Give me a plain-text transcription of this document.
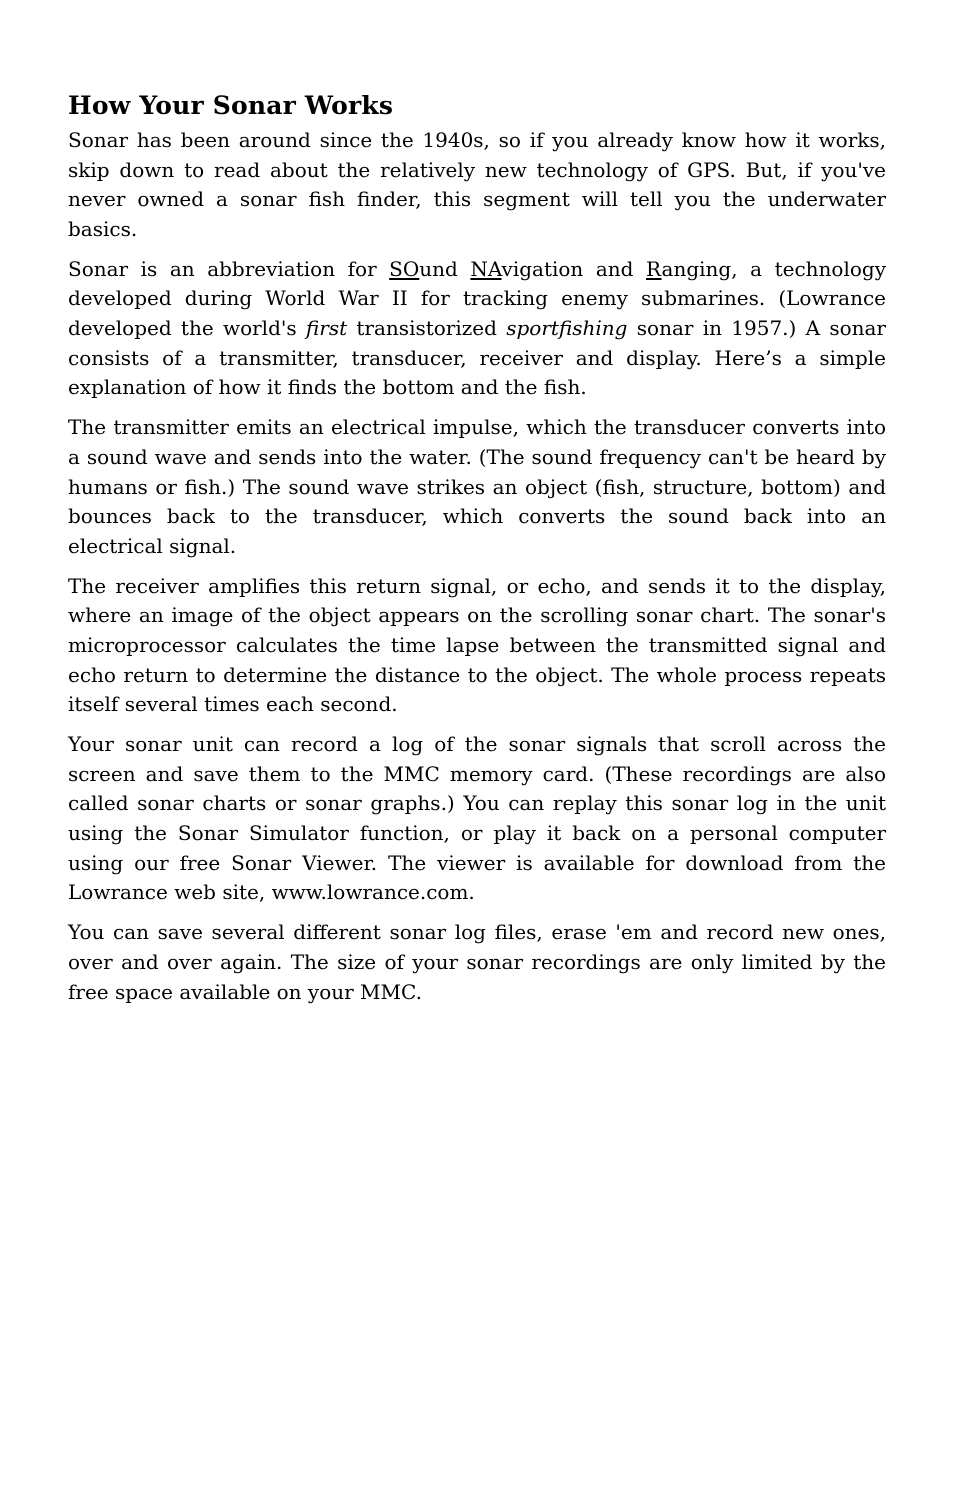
How Your Sonar Works

Sonar has been around since the 1940s, so if you already know how it works, skip down to read about the relatively new technology of GPS. But, if you've never owned a sonar fish finder, this segment will tell you the underwater basics.

Sonar is an abbreviation for SOund NAvigation and Ranging, a technology developed during World War II for tracking enemy submarines. (Lowrance developed the world's first transistorized sportfishing sonar in 1957.) A sonar consists of a transmitter, transducer, receiver and display. Here’s a simple explanation of how it finds the bottom and the fish.

The transmitter emits an electrical impulse, which the transducer converts into a sound wave and sends into the water. (The sound frequency can't be heard by humans or fish.) The sound wave strikes an object (fish, structure, bottom) and bounces back to the transducer, which converts the sound back into an electrical signal.

The receiver amplifies this return signal, or echo, and sends it to the display, where an image of the object appears on the scrolling sonar chart. The sonar's microprocessor calculates the time lapse between the transmitted signal and echo return to determine the distance to the object. The whole process repeats itself several times each second.

Your sonar unit can record a log of the sonar signals that scroll across the screen and save them to the MMC memory card. (These recordings are also called sonar charts or sonar graphs.) You can replay this sonar log in the unit using the Sonar Simulator function, or play it back on a personal computer using our free Sonar Viewer. The viewer is available for download from the Lowrance web site, www.lowrance.com.

You can save several different sonar log files, erase 'em and record new ones, over and over again. The size of your sonar recordings are only limited by the free space available on your MMC.
